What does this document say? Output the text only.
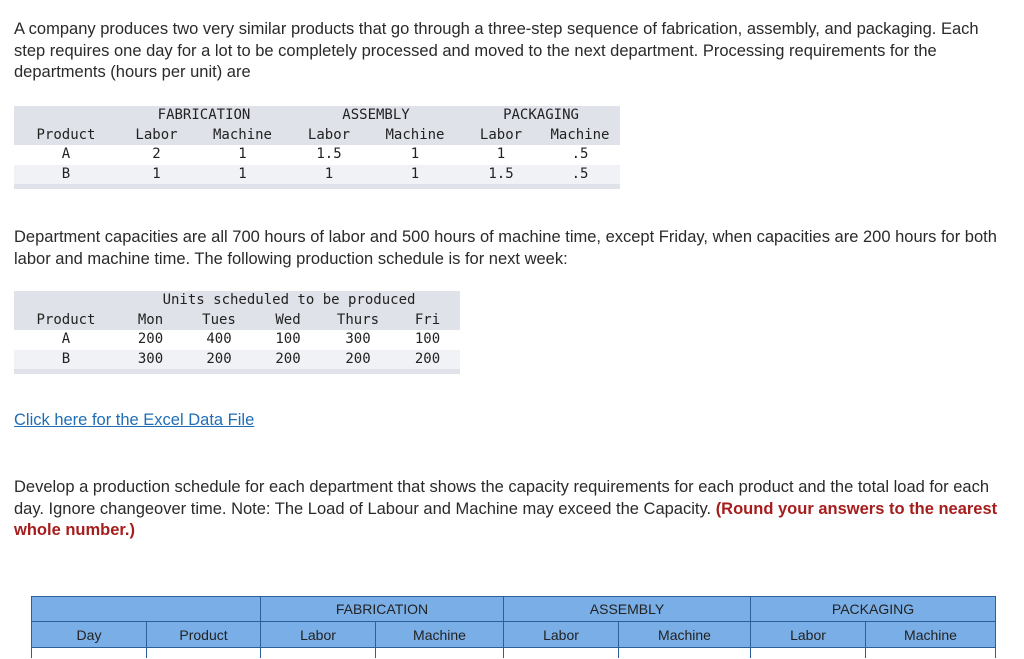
A company produces two very similar products that go through a three-step sequence of fabrication, assembly, and packaging. Each step requires one day for a lot to be completely processed and moved to the next department. Processing requirements for the departments (hours per unit) are

	FABRICATION		ASSEMBLY		PACKAGING	
Product	Labor	Machine	Labor	Machine	Labor	Machine
A	2	1	1.5	1	1	.5
B	1	1	1	1	1.5	.5

Department capacities are all 700 hours of labor and 500 hours of machine time, except Friday, when capacities are 200 hours for both labor and machine time. The following production schedule is for next week:

	Units scheduled to be produced				
Product	Mon	Tues	Wed	Thurs	Fri
A	200	400	100	300	100
B	300	200	200	200	200

Click here for the Excel Data File

Develop a production schedule for each department that shows the capacity requirements for each product and the total load for each day. Ignore changeover time. Note: The Load of Labour and Machine may exceed the Capacity. (Round your answers to the nearest whole number.)

		FABRICATION		ASSEMBLY		PACKAGING	
Day	Product	Labor	Machine	Labor	Machine	Labor	Machine
